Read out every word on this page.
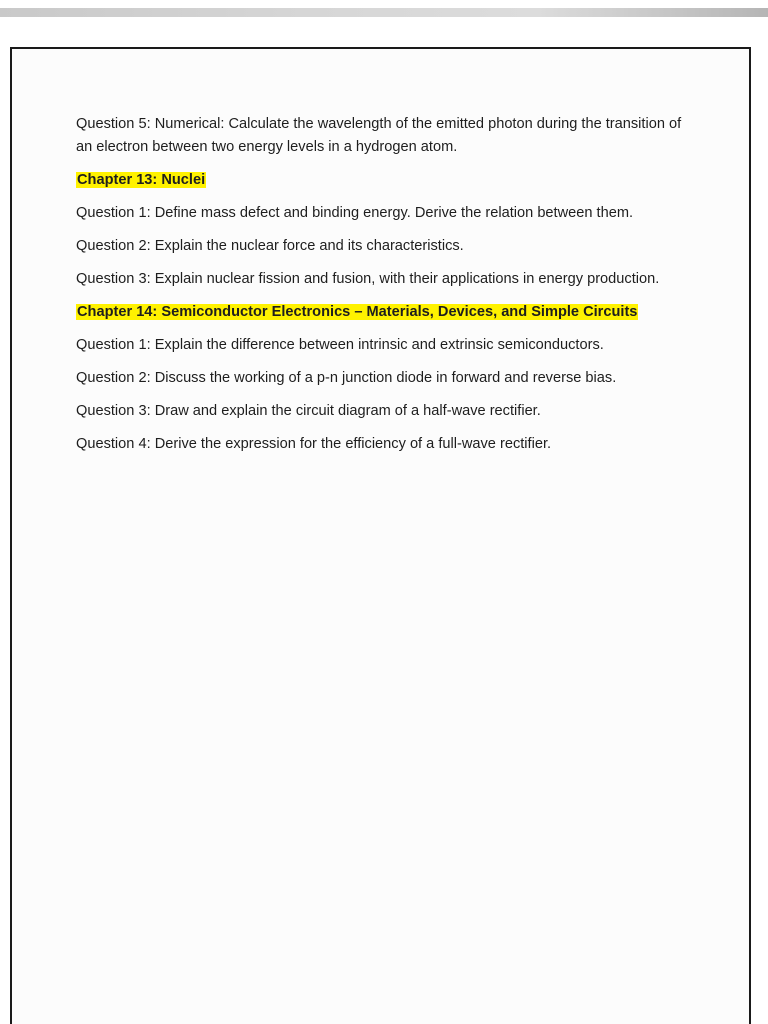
Question 5: Numerical: Calculate the wavelength of the emitted photon during the transition of an electron between two energy levels in a hydrogen atom.

Chapter 13: Nuclei

Question 1: Define mass defect and binding energy. Derive the relation between them.

Question 2: Explain the nuclear force and its characteristics.

Question 3: Explain nuclear fission and fusion, with their applications in energy production.

Chapter 14: Semiconductor Electronics – Materials, Devices, and Simple Circuits

Question 1: Explain the difference between intrinsic and extrinsic semiconductors.

Question 2: Discuss the working of a p-n junction diode in forward and reverse bias.

Question 3: Draw and explain the circuit diagram of a half-wave rectifier.

Question 4: Derive the expression for the efficiency of a full-wave rectifier.
